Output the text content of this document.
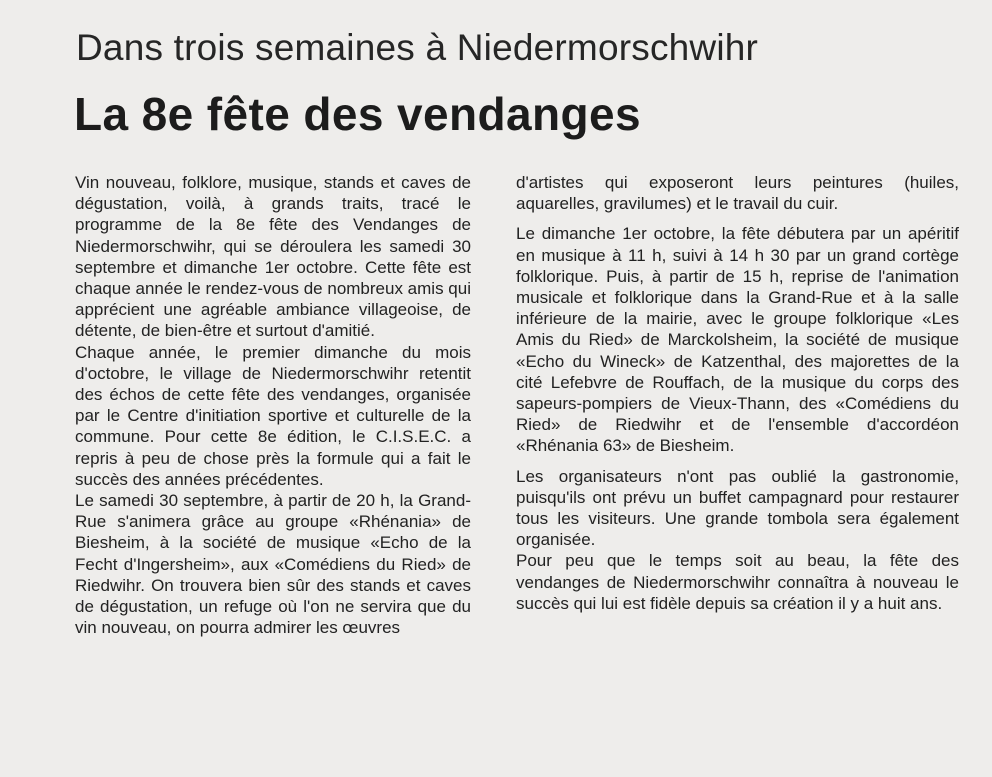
Dans trois semaines à Niedermorschwihr
La 8e fête des vendanges

Vin nouveau, folklore, musique, stands et caves de dégustation, voilà, à grands traits, tracé le programme de la 8e fête des Vendanges de Niedermorschwihr, qui se déroulera les samedi 30 septembre et dimanche 1er octobre. Cette fête est chaque année le rendez-vous de nombreux amis qui apprécient une agréable ambiance villageoise, de détente, de bien-être et surtout d'amitié.

Chaque année, le premier dimanche du mois d'octobre, le village de Niedermorschwihr retentit des échos de cette fête des vendanges, organisée par le Centre d'initiation sportive et culturelle de la commune. Pour cette 8e édition, le C.I.S.E.C. a repris à peu de chose près la formule qui a fait le succès des années précédentes.

Le samedi 30 septembre, à partir de 20 h, la Grand-Rue s'animera grâce au groupe «Rhénania» de Biesheim, à la société de musique «Echo de la Fecht d'Ingersheim», aux «Comédiens du Ried» de Riedwihr. On trouvera bien sûr des stands et caves de dégustation, un refuge où l'on ne servira que du vin nouveau, on pourra admirer les œuvres

d'artistes qui exposeront leurs peintures (huiles, aquarelles, gravilumes) et le travail du cuir.

Le dimanche 1er octobre, la fête débutera par un apéritif en musique à 11 h, suivi à 14 h 30 par un grand cortège folklorique. Puis, à partir de 15 h, reprise de l'animation musicale et folklorique dans la Grand-Rue et à la salle inférieure de la mairie, avec le groupe folklorique «Les Amis du Ried» de Marckolsheim, la société de musique «Echo du Wineck» de Katzenthal, des majorettes de la cité Lefebvre de Rouffach, de la musique du corps des sapeurs-pompiers de Vieux-Thann, des «Comédiens du Ried» de Riedwihr et de l'ensemble d'accordéon «Rhénania 63» de Biesheim.

Les organisateurs n'ont pas oublié la gastronomie, puisqu'ils ont prévu un buffet campagnard pour restaurer tous les visiteurs. Une grande tombola sera également organisée.

Pour peu que le temps soit au beau, la fête des vendanges de Niedermorschwihr connaîtra à nouveau le succès qui lui est fidèle depuis sa création il y a huit ans.
